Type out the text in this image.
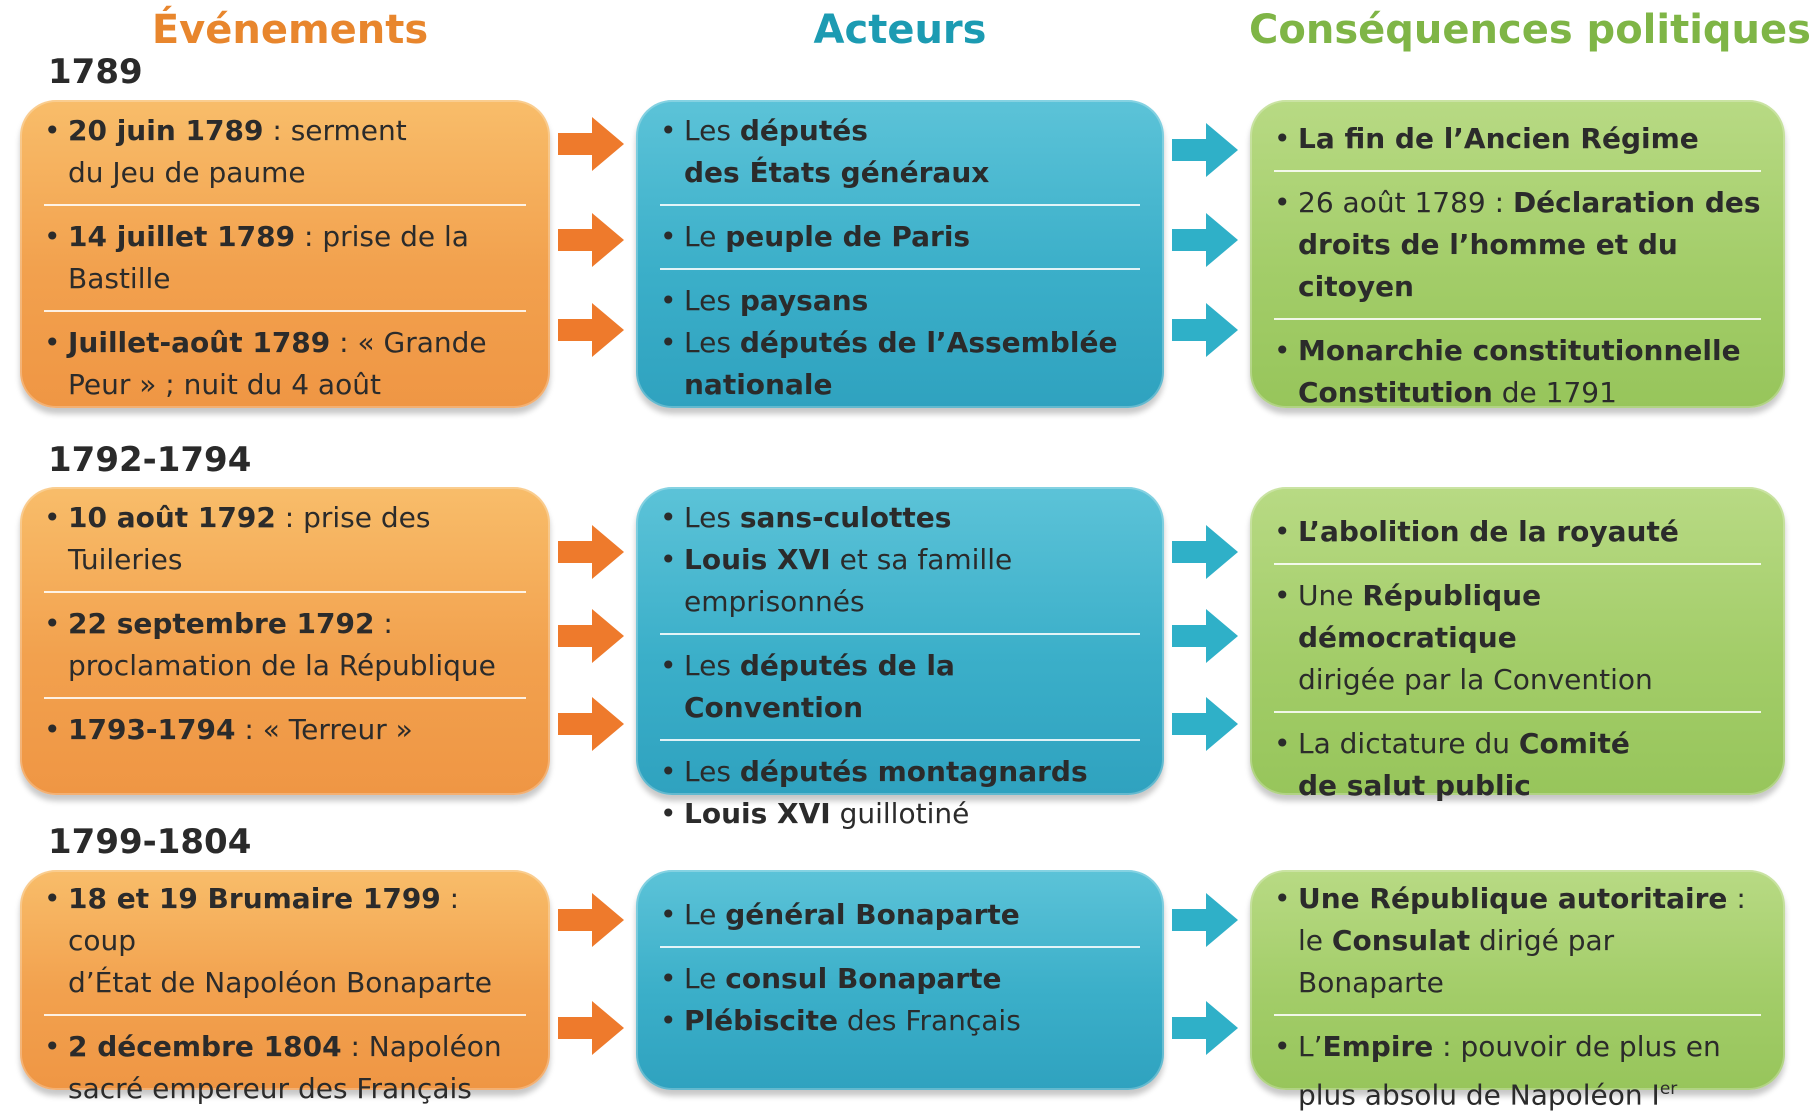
Événements	Acteurs	Conséquences politiques
1789
• 20 juin 1789 : serment
du Jeu de paume
• 14 juillet 1789 : prise de la Bastille
• Juillet-août 1789 : « Grande
Peur » ; nuit du 4 août
• Les députés
des États généraux
• Le peuple de Paris
• Les paysans
• Les députés de l’Assemblée
nationale
• La fin de l’Ancien Régime
• 26 août 1789 : Déclaration des
droits de l’homme et du citoyen
• Monarchie constitutionnelle
Constitution de 1791
1792-1794
• 10 août 1792 : prise des Tuileries
• 22 septembre 1792 :
proclamation de la République
• 1793-1794 : « Terreur »
• Les sans-culottes
• Louis XVI et sa famille emprisonnés
• Les députés de la Convention
• Les députés montagnards
• Louis XVI guillotiné
• L’abolition de la royauté
• Une République démocratique
dirigée par la Convention
• La dictature du Comité
de salut public
1799-1804
• 18 et 19 Brumaire 1799 : coup
d’État de Napoléon Bonaparte
• 2 décembre 1804 : Napoléon
sacré empereur des Français
• Le général Bonaparte
• Le consul Bonaparte
• Plébiscite des Français
• Une République autoritaire :
le Consulat dirigé par Bonaparte
• L’Empire : pouvoir de plus en
plus absolu de Napoléon Ier
